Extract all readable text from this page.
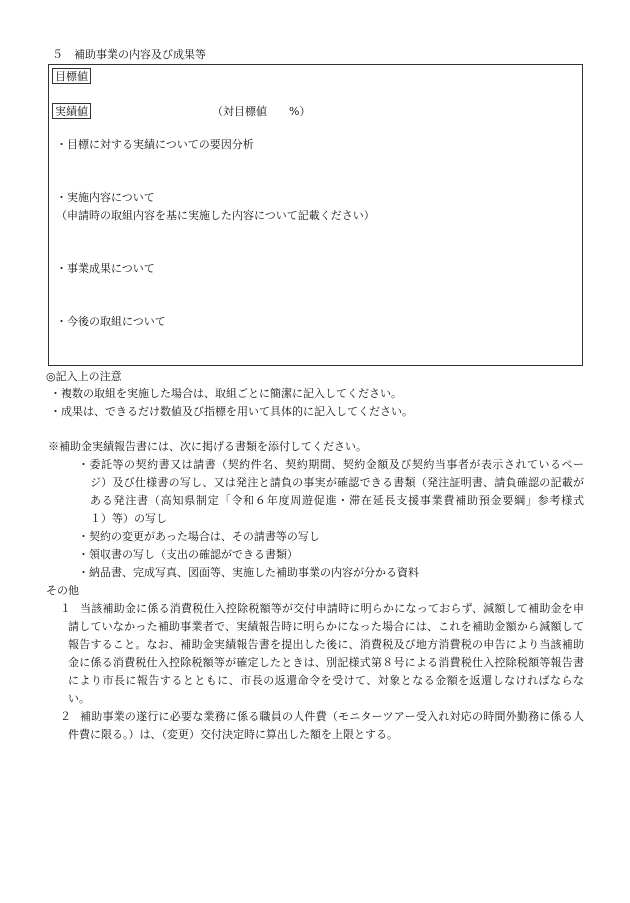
５　補助事業の内容及び成果等
目標値
実績値	（対目標値　　%）
・目標に対する実績についての要因分析
・実施内容について
（申請時の取組内容を基に実施した内容について記載ください）
・事業成果について
・今後の取組について
◎記入上の注意
・複数の取組を実施した場合は、取組ごとに簡潔に記入してください。
・成果は、できるだけ数値及び指標を用いて具体的に記入してください。
※補助金実績報告書には、次に掲げる書類を添付してください。
・委託等の契約書又は請書（契約件名、契約期間、契約金額及び契約当事者が表示されているペー
ジ）及び仕様書の写し、又は発注と請負の事実が確認できる書類（発注証明書、請負確認の記載が
ある発注書（高知県制定「令和６年度周遊促進・滞在延長支援事業費補助預金要綱」参考様式
１）等）の写し
・契約の変更があった場合は、その請書等の写し
・領収書の写し（支出の確認ができる書類）
・納品書、完成写真、図面等、実施した補助事業の内容が分かる資料
その他
１ 当該補助金に係る消費税仕入控除税額等が交付申請時に明らかになっておらず、減額して補助金を申
請していなかった補助事業者で、実績報告時に明らかになった場合には、これを補助金額から減額して
報告すること。なお、補助金実績報告書を提出した後に、消費税及び地方消費税の申告により当該補助
金に係る消費税仕入控除税額等が確定したときは、別記様式第８号による消費税仕入控除税額等報告書
により市長に報告するとともに、市長の返還命令を受けて、対象となる金額を返還しなければならな
い。
２ 補助事業の遂行に必要な業務に係る職員の人件費（モニターツアー受入れ対応の時間外勤務に係る人
件費に限る。）は、（変更）交付決定時に算出した額を上限とする。
